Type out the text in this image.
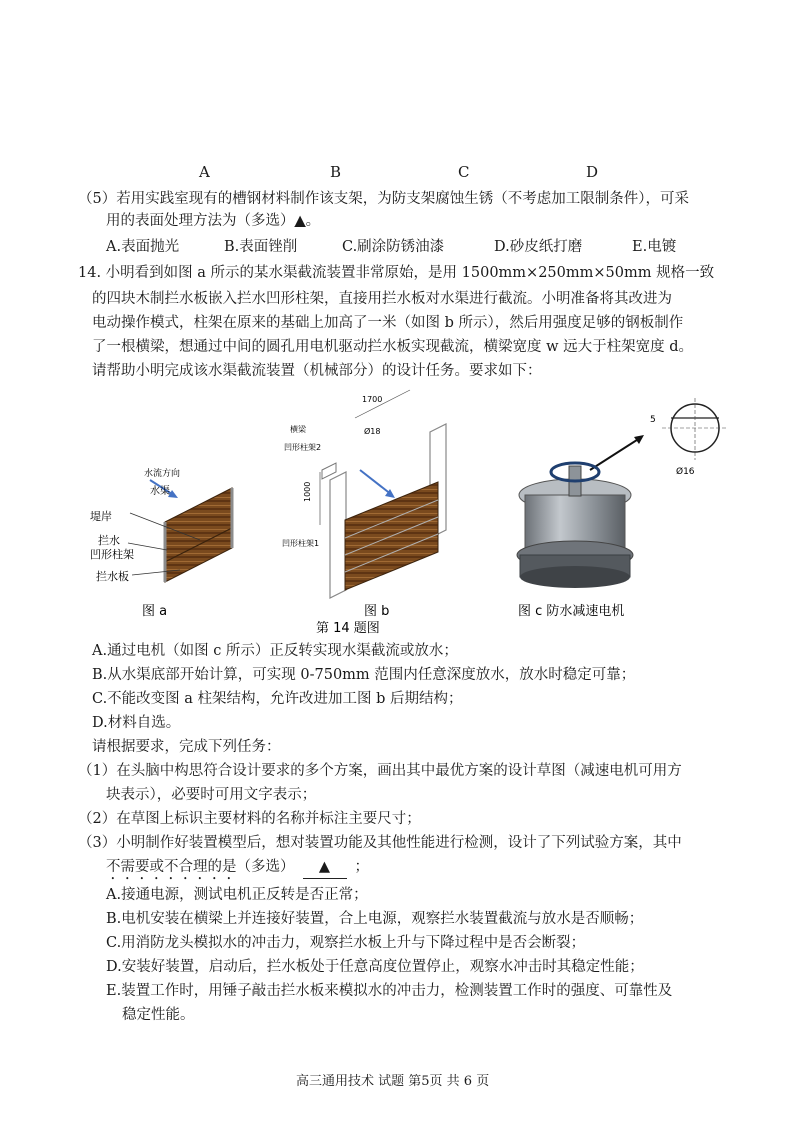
A	B	C	D
（5）若用实践室现有的槽钢材料制作该支架，为防支架腐蚀生锈（不考虑加工限制条件），可采
用的表面处理方法为（多选）▲。
A.表面抛光	B.表面锉削	C.刷涂防锈油漆	D.砂皮纸打磨	E.电镀
14. 小明看到如图 a 所示的某水渠截流装置非常原始，是用 1500mm×250mm×50mm 规格一致
的四块木制拦水板嵌入拦水凹形柱架，直接用拦水板对水渠进行截流。小明准备将其改进为
电动操作模式，柱架在原来的基础上加高了一米（如图 b 所示），然后用强度足够的钢板制作
了一根横梁，想通过中间的圆孔用电机驱动拦水板实现截流，横梁宽度 w 远大于柱架宽度 d。
请帮助小明完成该水渠截流装置（机械部分）的设计任务。要求如下：
水流方向
水渠
堤岸
拦水
凹形柱架
拦水板
图 a
1700
Ø18
横梁
凹形柱架2
1000
凹形柱架1
图 b
5
Ø16
图 c 防水减速电机
第 14 题图
A.通过电机（如图 c 所示）正反转实现水渠截流或放水；
B.从水渠底部开始计算，可实现 0-750mm 范围内任意深度放水，放水时稳定可靠；
C.不能改变图 a 柱架结构，允许改进加工图 b 后期结构；
D.材料自选。
请根据要求，完成下列任务：
（1）在头脑中构思符合设计要求的多个方案，画出其中最优方案的设计草图（减速电机可用方
块表示），必要时可用文字表示；
（2）在草图上标识主要材料的名称并标注主要尺寸；
（3）小明制作好装置模型后，想对装置功能及其他性能进行检测，设计了下列试验方案，其中
不需要或不合理的是（多选） ▲ ；
A.接通电源，测试电机正反转是否正常；
B.电机安装在横梁上并连接好装置，合上电源，观察拦水装置截流与放水是否顺畅；
C.用消防龙头模拟水的冲击力，观察拦水板上升与下降过程中是否会断裂；
D.安装好装置，启动后，拦水板处于任意高度位置停止，观察水冲击时其稳定性能；
E.装置工作时，用锤子敲击拦水板来模拟水的冲击力，检测装置工作时的强度、可靠性及
稳定性能。
高三通用技术 试题 第5页 共 6 页
